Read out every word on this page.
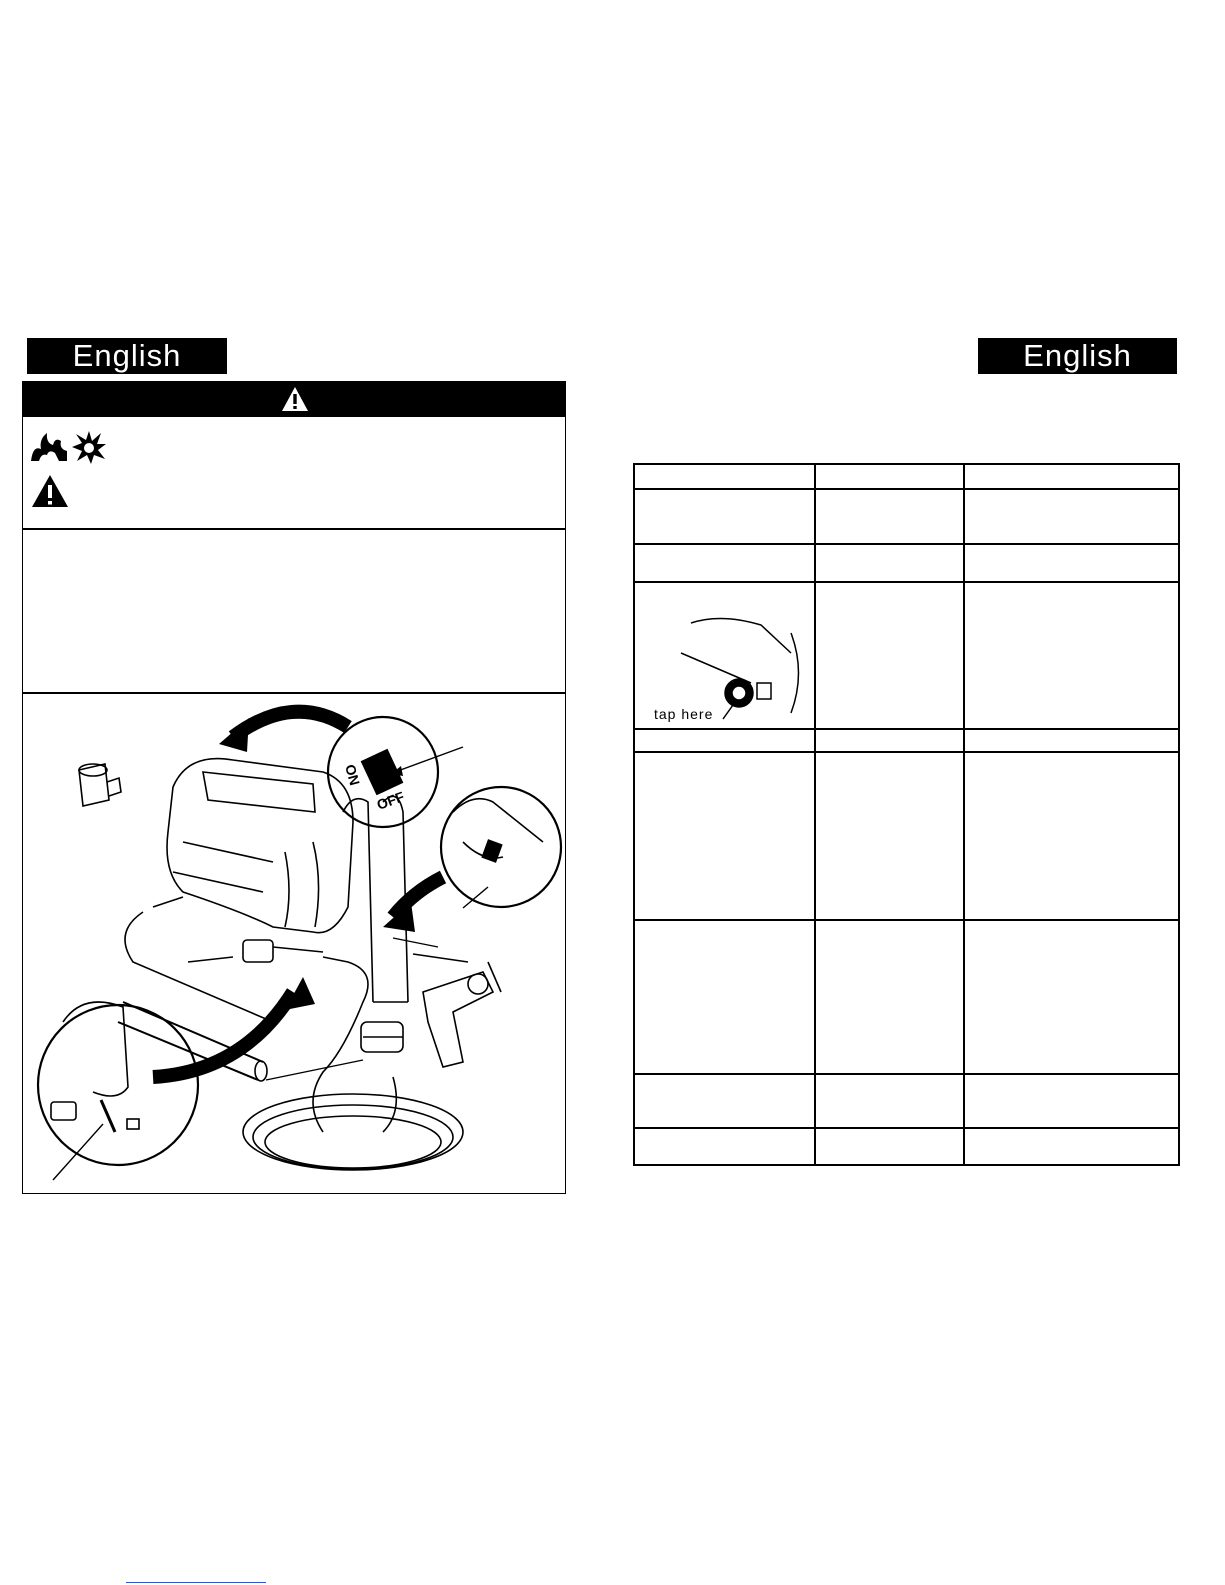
English	English
ON
OFF
tap here
